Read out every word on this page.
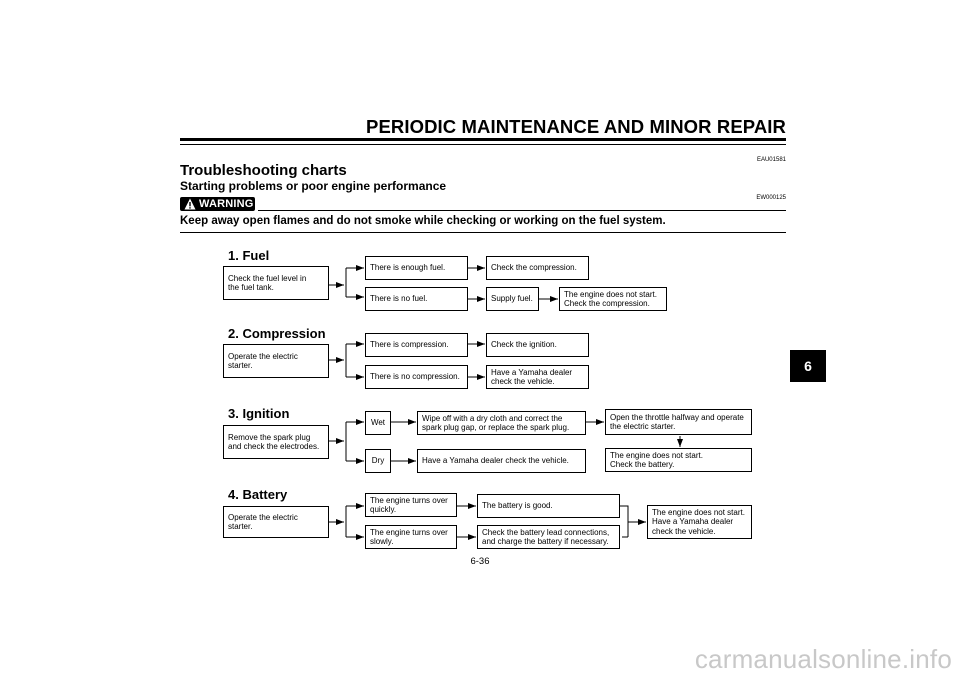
PERIODIC MAINTENANCE AND MINOR REPAIR
EAU01581
Troubleshooting charts
Starting problems or poor engine performance
WARNING	EW000125
Keep away open flames and do not smoke while checking or working on the fuel system.
1. Fuel
Check the fuel level in
the fuel tank.
There is enough fuel.	Check the compression.
There is no fuel.	Supply fuel.
The engine does not start.
Check the compression.
2. Compression
Operate the electric starter.
There is compression.	Check the ignition.
There is no compression.
Have a Yamaha dealer
check the vehicle.
3. Ignition
Remove the spark plug
and check the electrodes.
Wet
Wipe off with a dry cloth and correct the
spark plug gap, or replace the spark plug.
Open the throttle halfway and operate
the electric starter.
The engine does not start.
Check the battery.
Dry	Have a Yamaha dealer check the vehicle.
4. Battery
Operate the electric starter.
The engine turns over
quickly.	The battery is good.
The engine turns over
slowly.
Check the battery lead connections,
and charge the battery if necessary.
The engine does not start.
Have a Yamaha dealer
check the vehicle.
6
6-36
carmanualsonline.info
